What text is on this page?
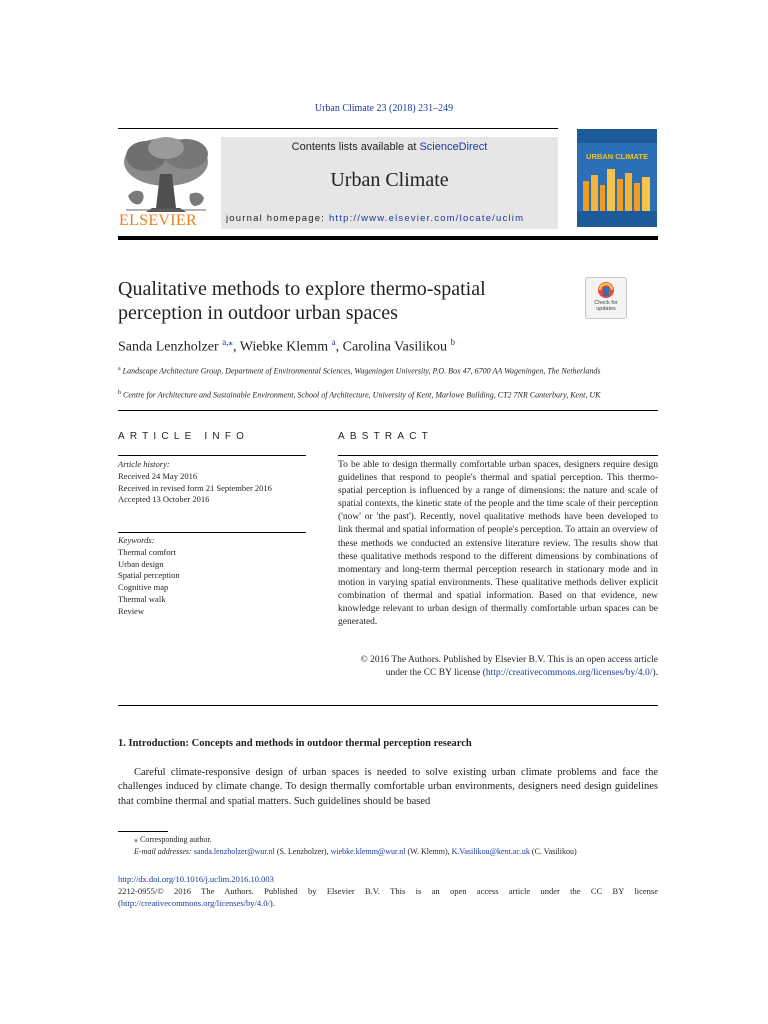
Urban Climate 23 (2018) 231–249
ELSEVIER
Contents lists available at ScienceDirect
Urban Climate
journal homepage: http://www.elsevier.com/locate/uclim
URBAN CLIMATE
Qualitative methods to explore thermo-spatial perception in outdoor urban spaces	Check for
updates
Sanda Lenzholzer $^{a,⁎}$, Wiebke Klemm $^a$, Carolina Vasilikou $^b$
$^a$ Landscape Architecture Group, Department of Environmental Sciences, Wageningen University, P.O. Box 47, 6700 AA Wageningen, The Netherlands
$^b$ Centre for Architecture and Sustainable Environment, School of Architecture, University of Kent, Marlowe Building, CT2 7NR Canterbury, Kent, UK
ARTICLE INFO	ABSTRACT
Article history:
Received 24 May 2016
Received in revised form 21 September 2016
Accepted 13 October 2016
Keywords:
Thermal comfort
Urban design
Spatial perception
Cognitive map
Thermal walk
Review
To be able to design thermally comfortable urban spaces, designers require design guidelines that respond to people's thermal and spatial perception. This thermo-spatial perception is influenced by a range of dimensions: the nature and scale of spatial contexts, the kinetic state of the people and the time scale of their perception ('now' or 'the past'). Recently, novel qualitative methods have been developed to link thermal and spatial information of people's perception. To attain an overview of these methods we conducted an extensive literature review. The results show that these qualitative methods respond to the different dimensions by combinations of momentary and long-term thermal perception research in stationary mode and in motion in varying spatial environments. These qualitative methods deliver explicit combination of thermal and spatial information. Based on that evidence, new knowledge relevant to urban design of thermally comfortable urban spaces can be generated.
© 2016 The Authors. Published by Elsevier B.V. This is an open access article under the CC BY license (http://creativecommons.org/licenses/by/4.0/).
1. Introduction: Concepts and methods in outdoor thermal perception research
Careful climate-responsive design of urban spaces is needed to solve existing urban climate problems and face the challenges induced by climate change. To design thermally comfortable urban environments, designers need design guidelines that combine thermal and spatial matters. Such guidelines should be based
⁎ Corresponding author.
E-mail addresses: sanda.lenzholzer@wur.nl (S. Lenzholzer), wiebke.klemm@wur.nl (W. Klemm), K.Vasilikou@kent.ac.uk (C. Vasilikou)
http://dx.doi.org/10.1016/j.uclim.2016.10.003
2212-0955/© 2016 The Authors. Published by Elsevier B.V. This is an open access article under the CC BY license
(http://creativecommons.org/licenses/by/4.0/).
